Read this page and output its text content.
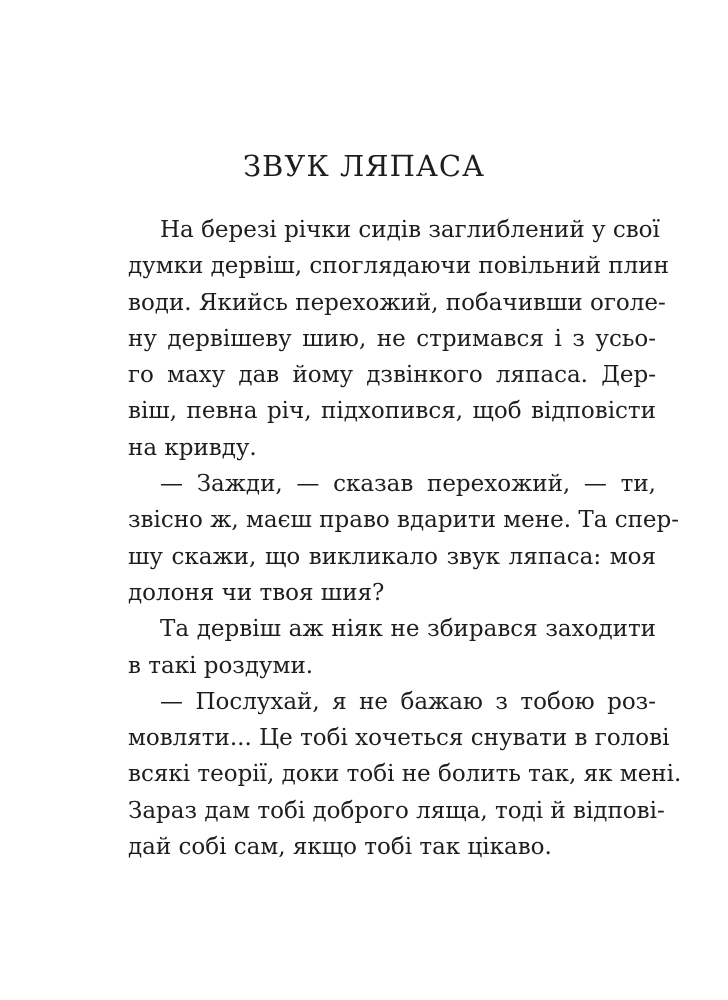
ЗВУК ЛЯПАСА
На березі річки сидів заглиблений у свої
думки дервіш, споглядаючи повільний плин
води. Якийсь перехожий, побачивши оголе-
ну дервішеву шию, не стримався і з усьо-
го маху дав йому дзвінкого ляпаса. Дер-
віш, певна річ, підхопився, щоб відповісти
на кривду.
— Зажди, — сказав перехожий, — ти,
звісно ж, маєш право вдарити мене. Та спер-
шу скажи, що викликало звук ляпаса: моя
долоня чи твоя шия?
Та дервіш аж ніяк не збирався заходити
в такі роздуми.
— Послухай, я не бажаю з тобою роз-
мовляти... Це тобі хочеться снувати в голові
всякі теорії, доки тобі не болить так, як мені.
Зараз дам тобі доброго ляща, тоді й відпові-
дай собі сам, якщо тобі так цікаво.
